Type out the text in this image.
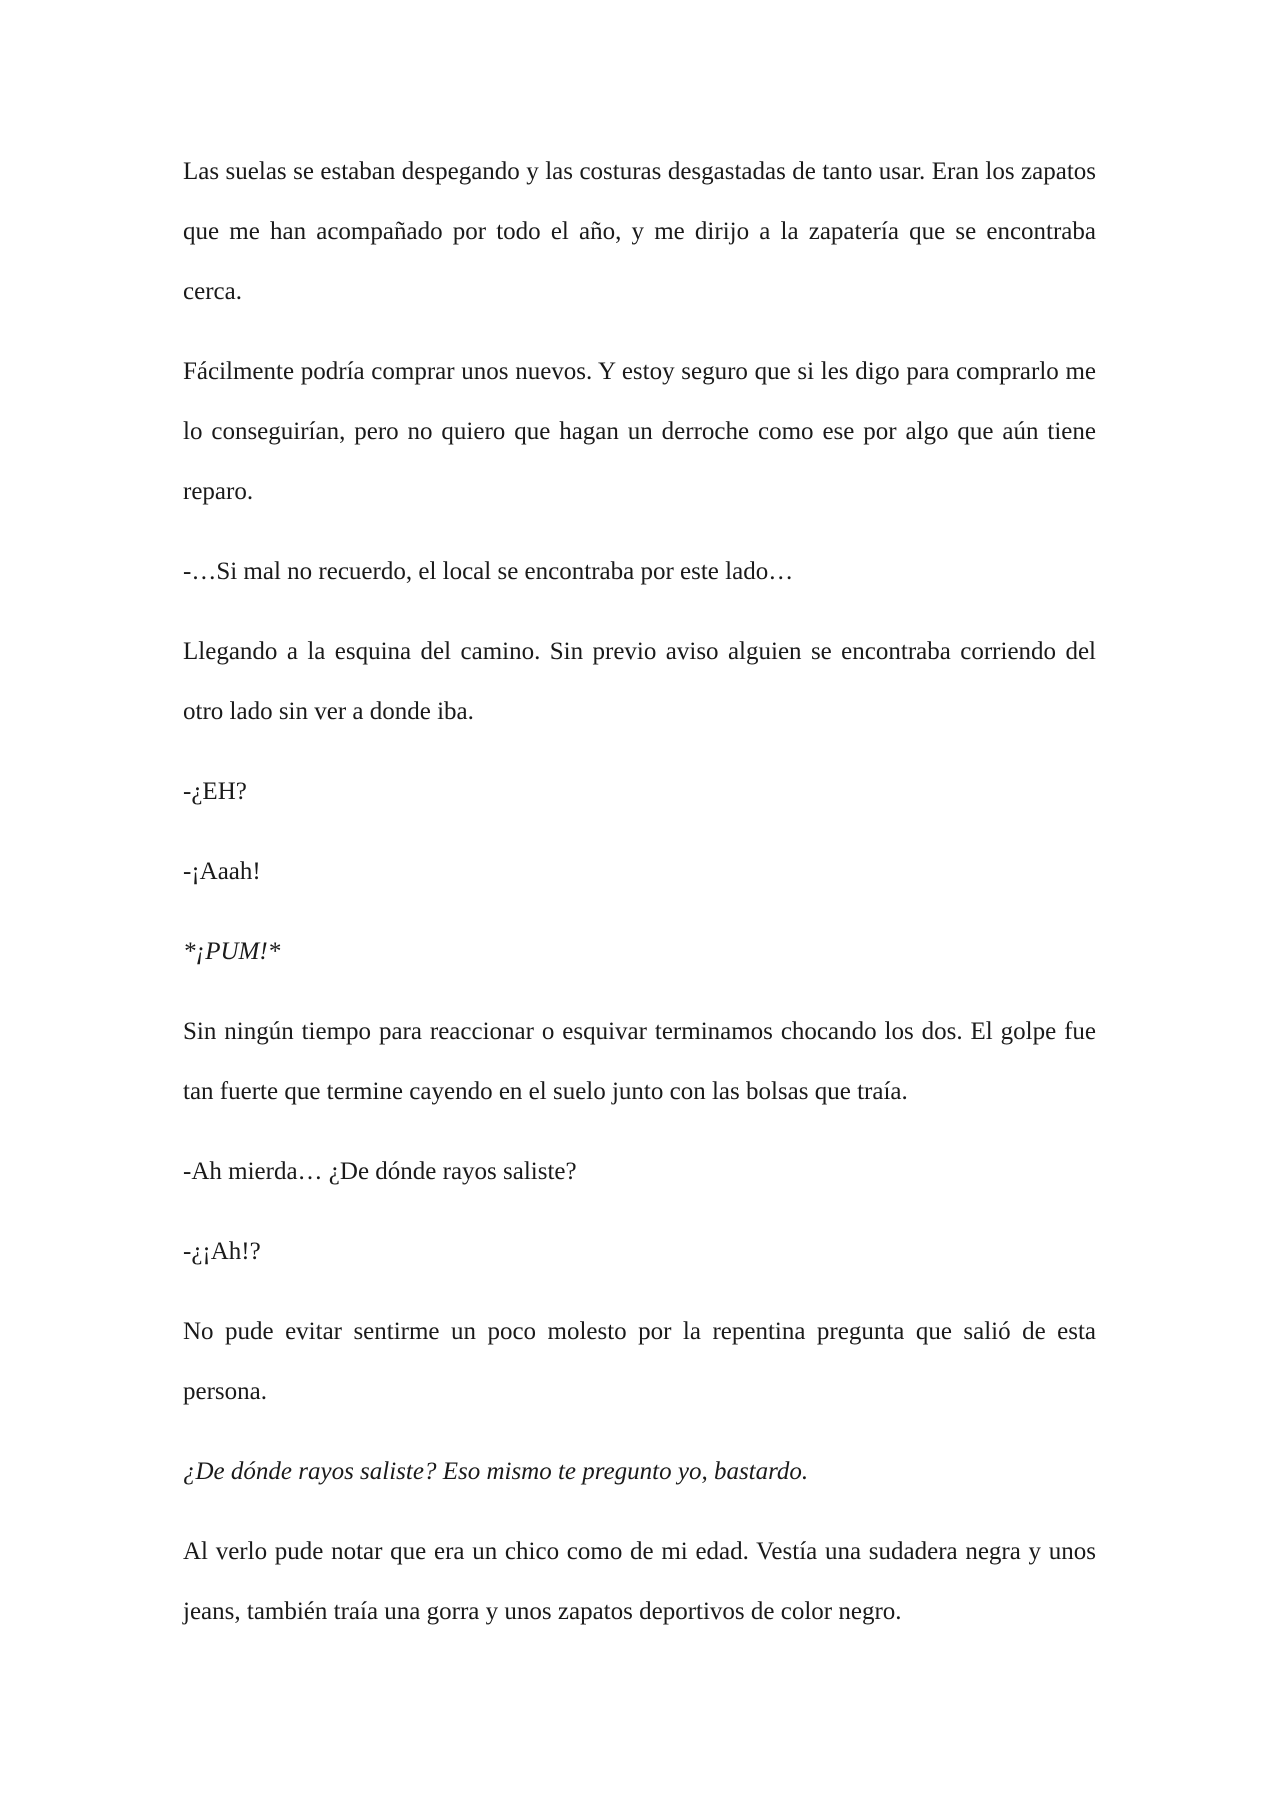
Las suelas se estaban despegando y las costuras desgastadas de tanto usar. Eran los zapatos que me han acompañado por todo el año, y me dirijo a la zapatería que se encontraba cerca.

Fácilmente podría comprar unos nuevos. Y estoy seguro que si les digo para comprarlo me lo conseguirían, pero no quiero que hagan un derroche como ese por algo que aún tiene reparo.

-…Si mal no recuerdo, el local se encontraba por este lado…

Llegando a la esquina del camino. Sin previo aviso alguien se encontraba corriendo del otro lado sin ver a donde iba.

-¿EH?

-¡Aaah!

*¡PUM!*

Sin ningún tiempo para reaccionar o esquivar terminamos chocando los dos. El golpe fue tan fuerte que termine cayendo en el suelo junto con las bolsas que traía.

-Ah mierda… ¿De dónde rayos saliste?

-¿¡Ah!?

No pude evitar sentirme un poco molesto por la repentina pregunta que salió de esta persona.

¿De dónde rayos saliste? Eso mismo te pregunto yo, bastardo.

Al verlo pude notar que era un chico como de mi edad. Vestía una sudadera negra y unos jeans, también traía una gorra y unos zapatos deportivos de color negro.
